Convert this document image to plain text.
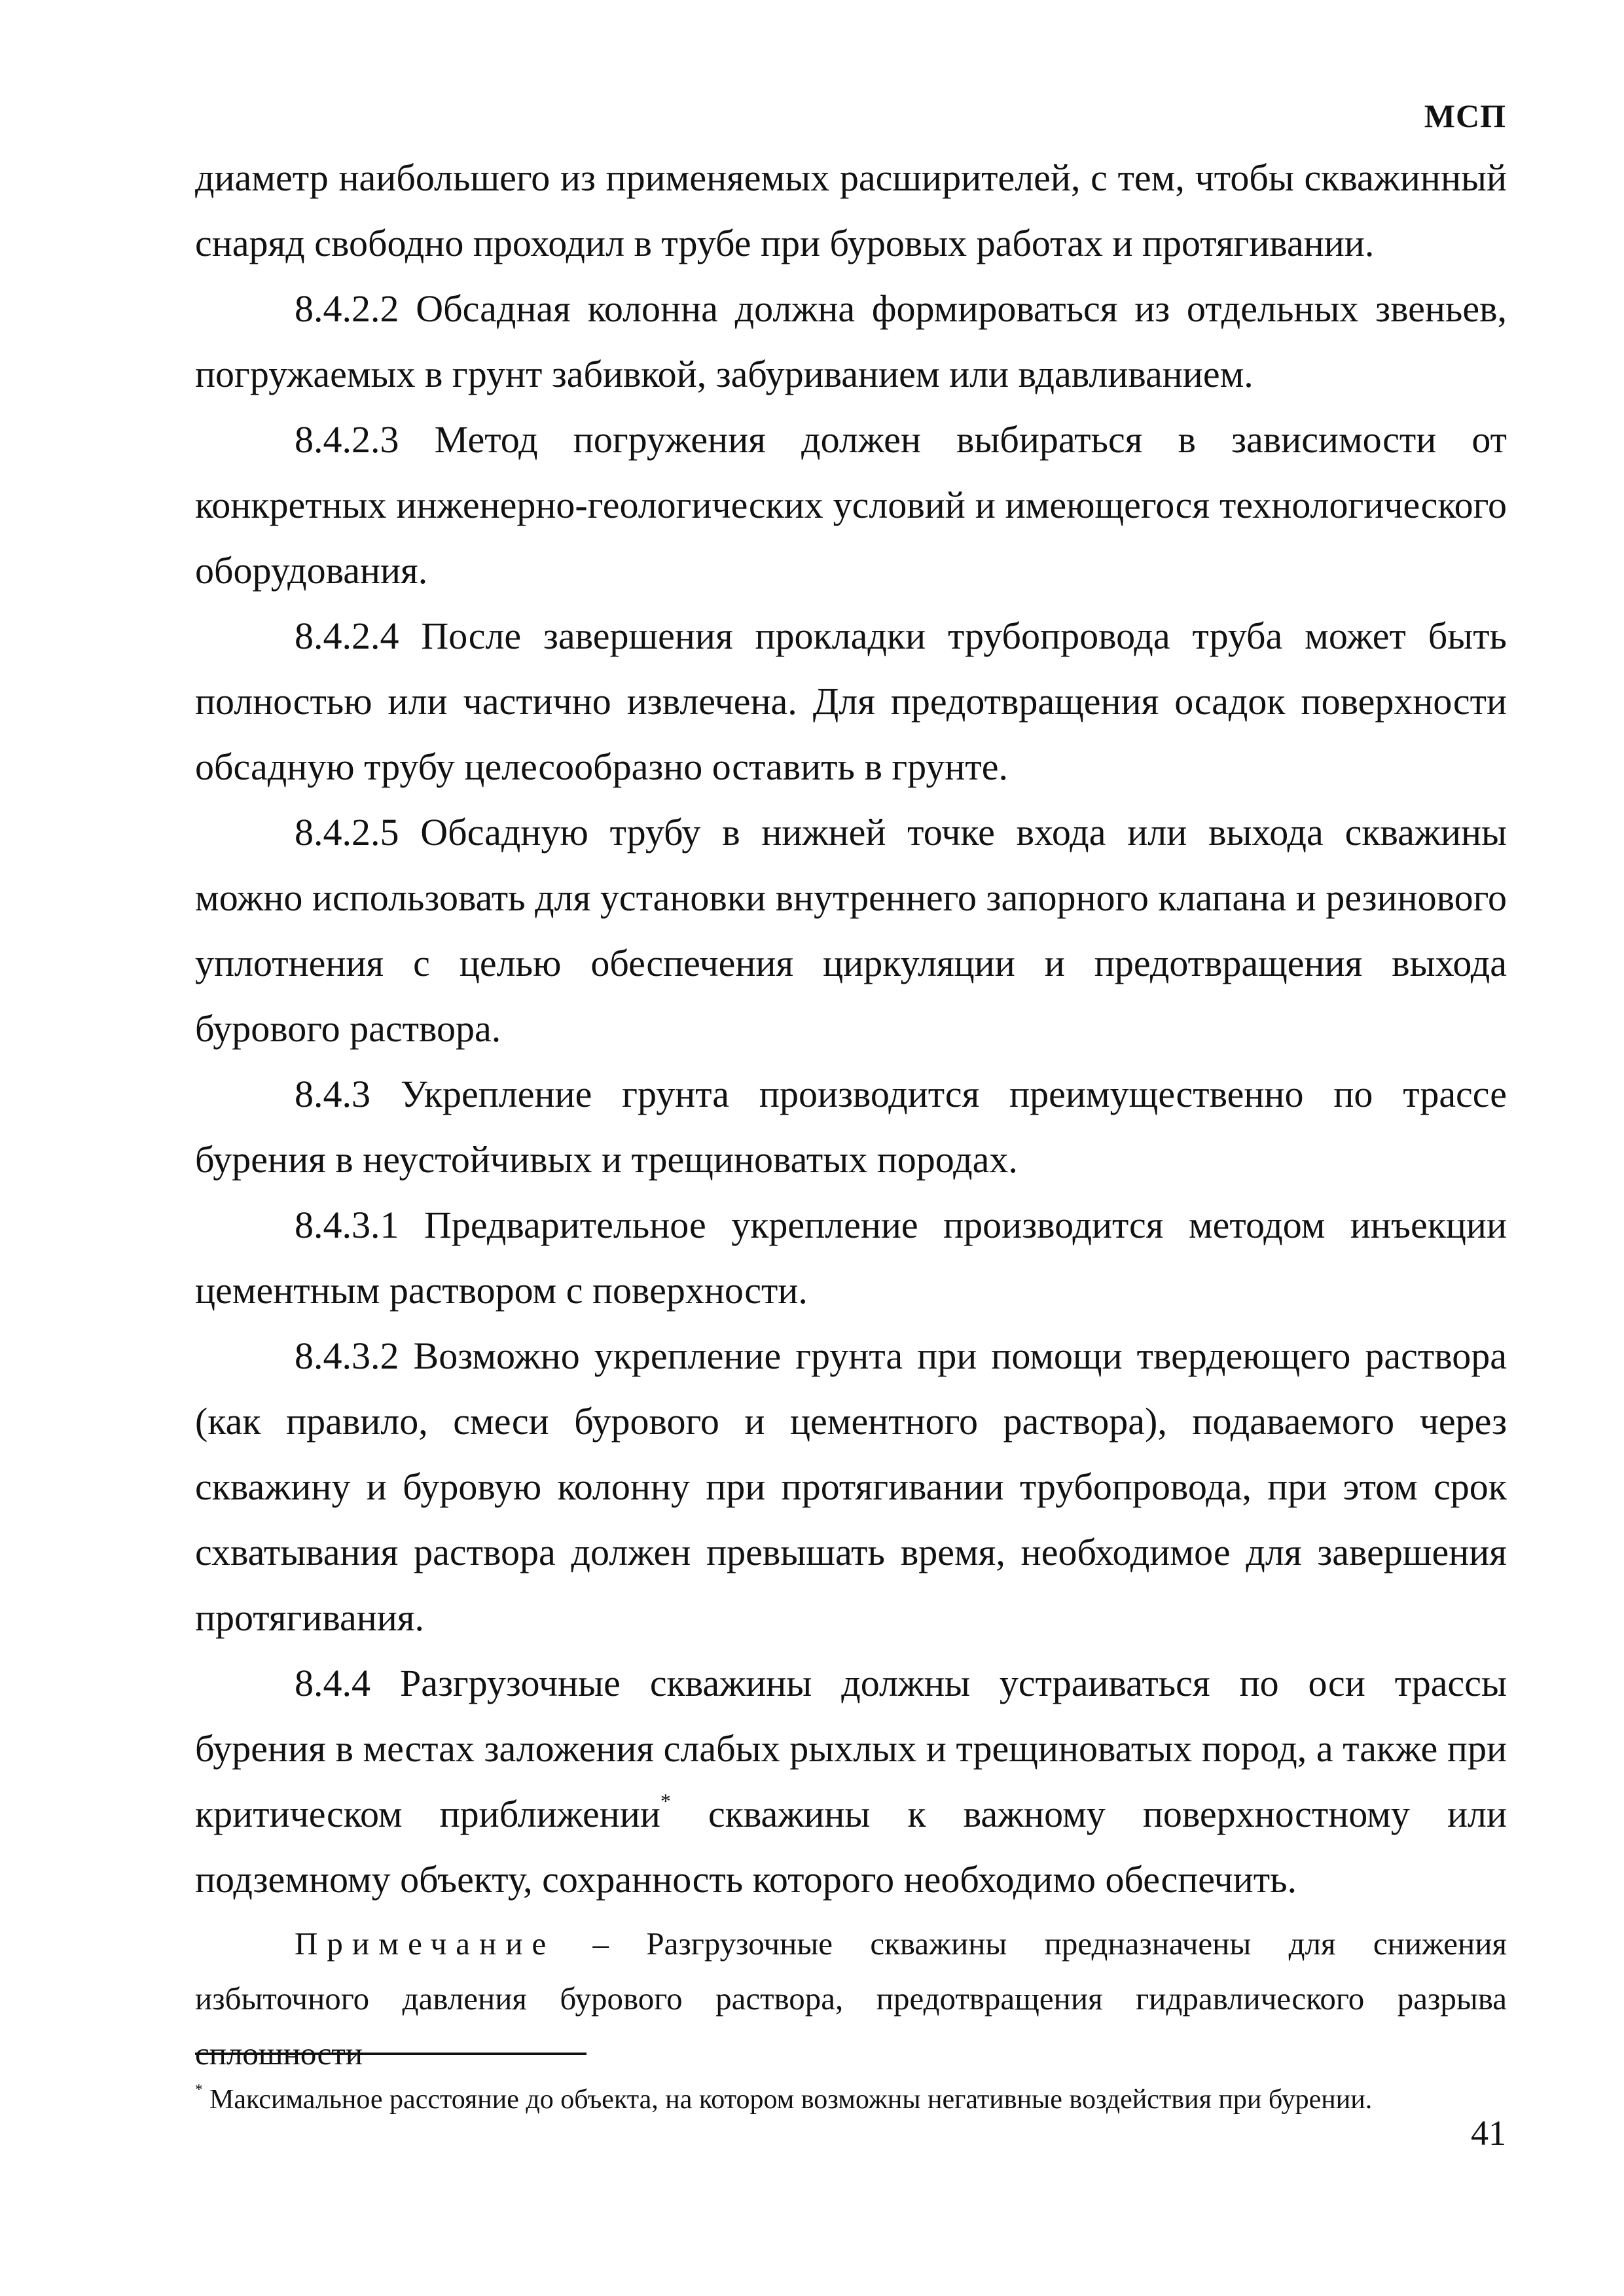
МСП

диаметр наибольшего из применяемых расширителей, с тем, чтобы скважинный снаряд свободно проходил в трубе при буровых работах и протягивании.

8.4.2.2 Обсадная колонна должна формироваться из отдельных звеньев, погружаемых в грунт забивкой, забуриванием или вдавливанием.

8.4.2.3 Метод погружения должен выбираться в зависимости от конкретных инженерно-геологических условий и имеющегося технологического оборудования.

8.4.2.4 После завершения прокладки трубопровода труба может быть полностью или частично извлечена. Для предотвращения осадок поверхности обсадную трубу целесообразно оставить в грунте.

8.4.2.5 Обсадную трубу в нижней точке входа или выхода скважины можно использовать для установки внутреннего запорного клапана и резинового уплотнения с целью обеспечения циркуляции и предотвращения выхода бурового раствора.

8.4.3 Укрепление грунта производится преимущественно по трассе бурения в неустойчивых и трещиноватых породах.

8.4.3.1 Предварительное укрепление производится методом инъекции цементным раствором с поверхности.

8.4.3.2 Возможно укрепление грунта при помощи твердеющего раствора (как правило, смеси бурового и цементного раствора), подаваемого через скважину и буровую колонну при протягивании трубопровода, при этом срок схватывания раствора должен превышать время, необходимое для завершения протягивания.

8.4.4 Разгрузочные скважины должны устраиваться по оси трассы бурения в местах заложения слабых рыхлых и трещиноватых пород, а также при критическом приближении* скважины к важному поверхностному или подземному объекту, сохранность которого необходимо обеспечить.

Примечание – Разгрузочные скважины предназначены для снижения избыточного давления бурового раствора, предотвращения гидравлического разрыва сплошности

* Максимальное расстояние до объекта, на котором возможны негативные воздействия при бурении.
41
